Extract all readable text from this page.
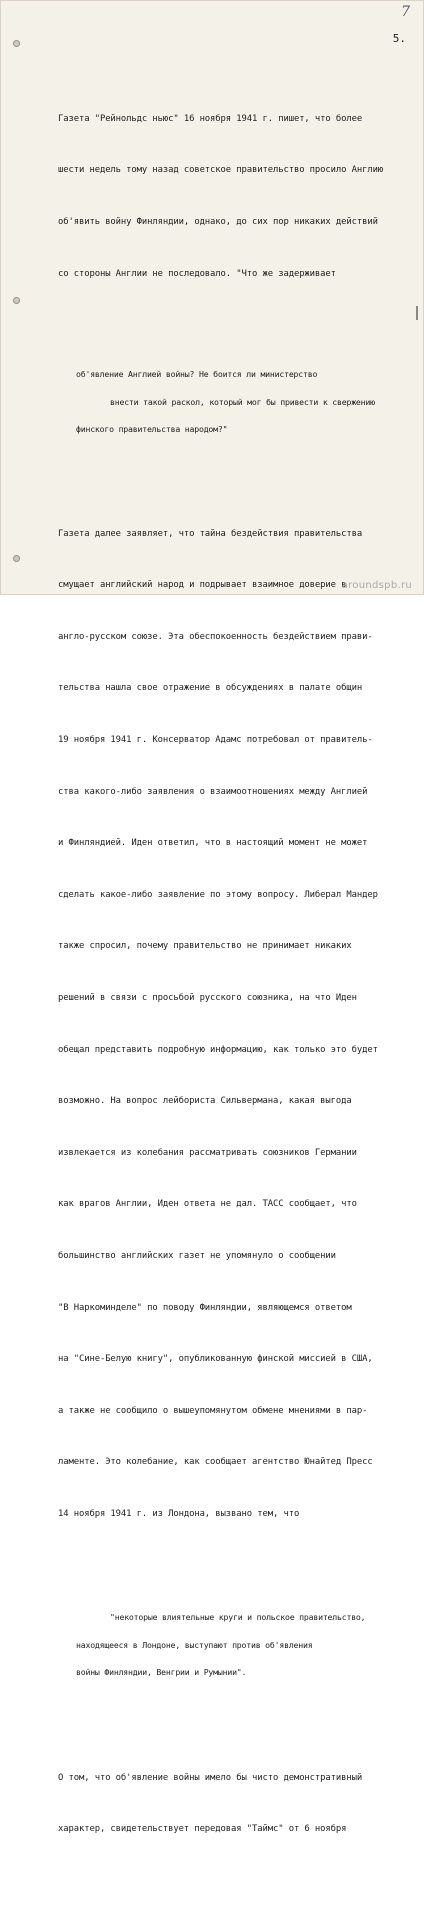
7
5.

Газета "Рейнольдс ньюс" 16 ноября 1941 г. пишет, что более

шести недель тому назад советское правительство просило Англию

об'явить войну Финляндии, однако, до сих пор никаких действий

со стороны Англии не последовало. "Что же задерживает

об'явление Англией войны? Не боится ли министерство

внести такой раскол, который мог бы привести к свержению

финского правительства народом?"

Газета далее заявляет, что тайна бездействия правительства

смущает английский народ и подрывает взаимное доверие в

англо-русском союзе. Эта обеспокоенность бездействием прави-

тельства нашла свое отражение в обсуждениях в палате общин

19 ноября 1941 г. Консерватор Адамс потребовал от правитель-

ства какого-либо заявления о взаимоотношениях между Англией

и Финляндией. Иден ответил, что в настоящий момент не может

сделать какое-либо заявление по этому вопросу. Либерал Мандер

также спросил, почему правительство не принимает никаких

решений в связи с просьбой русского союзника, на что Иден

обещал представить подробную информацию, как только это будет

возможно. На вопрос лейбориста Сильвермана, какая выгода

извлекается из колебания рассматривать союзников Германии

как врагов Англии, Иден ответа не дал. ТАСС сообщает, что

большинство английских газет не упомянуло о сообщении

"В Наркоминделе" по поводу Финляндии, являющемся ответом

на "Сине-Белую книгу", опубликованную финской миссией в США,

а также не сообщило о вышеупомянутом обмене мнениями в пар-

ламенте. Это колебание, как сообщает агентство Юнайтед Пресс

14 ноября 1941 г. из Лондона, вызвано тем, что

"некоторые влиятельные круги и польское правительство,

находящееся в Лондоне, выступают против об'явления

войны Финляндии, Венгрии и Румынии".

О том, что об'явление войны имело бы чисто демонстративный

характер, свидетельствует передовая "Таймс" от 6 ноября

aroundspb.ru
